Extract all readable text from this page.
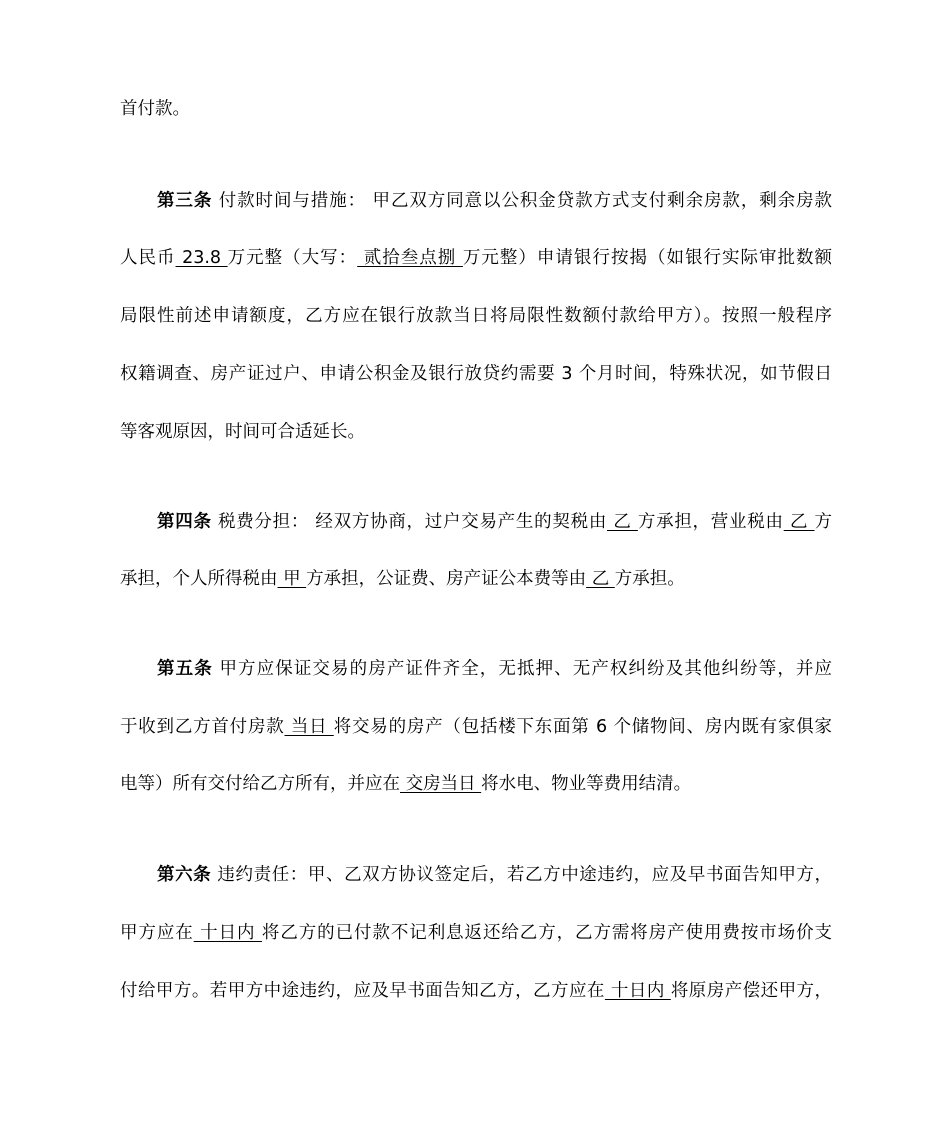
首付款。
第三条 付款时间与措施： 甲乙双方同意以公积金贷款方式支付剩余房款，剩余房款
人民币 23.8 万元整（大写： 贰拾叁点捌 万元整）申请银行按揭（如银行实际审批数额
局限性前述申请额度，乙方应在银行放款当日将局限性数额付款给甲方）。按照一般程序
权籍调查、房产证过户、申请公积金及银行放贷约需要 3 个月时间，特殊状况，如节假日
等客观原因，时间可合适延长。
第四条 税费分担： 经双方协商，过户交易产生的契税由 乙 方承担，营业税由 乙 方
承担，个人所得税由 甲 方承担，公证费、房产证公本费等由 乙 方承担。
第五条 甲方应保证交易的房产证件齐全，无抵押、无产权纠纷及其他纠纷等，并应
于收到乙方首付房款 当日 将交易的房产（包括楼下东面第 6 个储物间、房内既有家俱家
电等）所有交付给乙方所有，并应在 交房当日 将水电、物业等费用结清。
第六条 违约责任：甲、乙双方协议签定后，若乙方中途违约，应及早书面告知甲方，
甲方应在 十日内 将乙方的已付款不记利息返还给乙方，乙方需将房产使用费按市场价支
付给甲方。若甲方中途违约，应及早书面告知乙方，乙方应在 十日内 将原房产偿还甲方，
